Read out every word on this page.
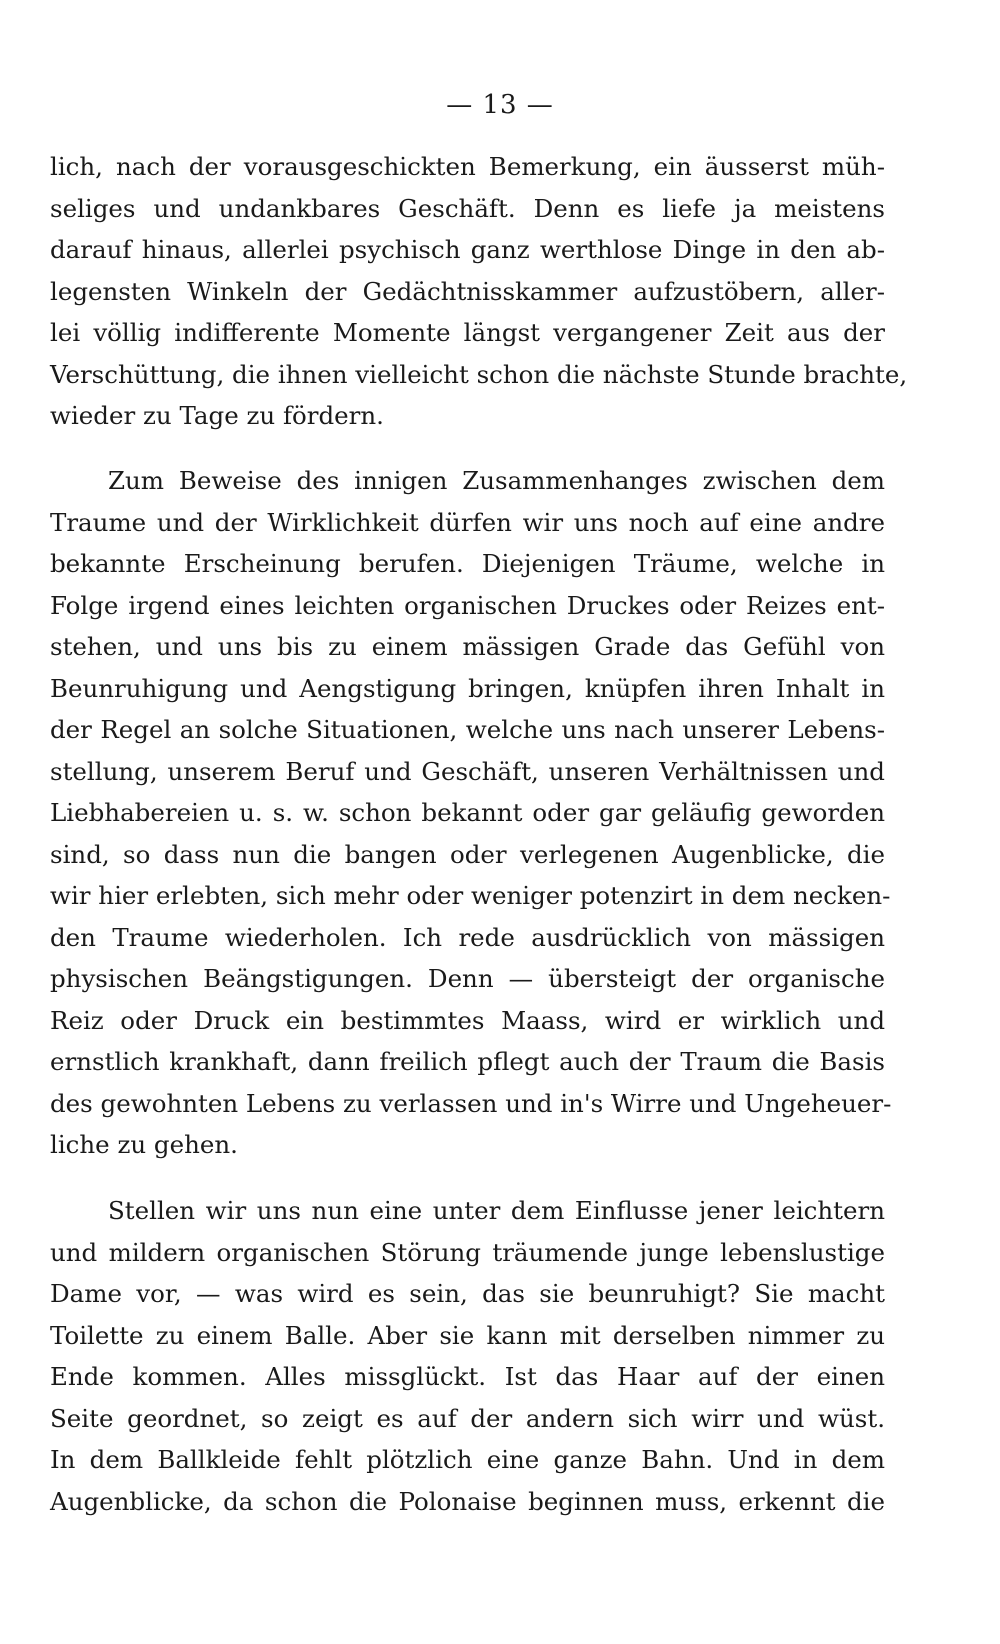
— 13 —
lich, nach der vorausgeschickten Bemerkung, ein äusserst müh-
seliges und undankbares Geschäft. Denn es liefe ja meistens
darauf hinaus, allerlei psychisch ganz werthlose Dinge in den ab-
legensten Winkeln der Gedächtnisskammer aufzustöbern, aller-
lei völlig indifferente Momente längst vergangener Zeit aus der
Verschüttung, die ihnen vielleicht schon die nächste Stunde brachte,
wieder zu Tage zu fördern.
Zum Beweise des innigen Zusammenhanges zwischen dem
Traume und der Wirklichkeit dürfen wir uns noch auf eine andre
bekannte Erscheinung berufen. Diejenigen Träume, welche in
Folge irgend eines leichten organischen Druckes oder Reizes ent-
stehen, und uns bis zu einem mässigen Grade das Gefühl von
Beunruhigung und Aengstigung bringen, knüpfen ihren Inhalt in
der Regel an solche Situationen, welche uns nach unserer Lebens-
stellung, unserem Beruf und Geschäft, unseren Verhältnissen und
Liebhabereien u. s. w. schon bekannt oder gar geläufig geworden
sind, so dass nun die bangen oder verlegenen Augenblicke, die
wir hier erlebten, sich mehr oder weniger potenzirt in dem necken-
den Traume wiederholen. Ich rede ausdrücklich von mässigen
physischen Beängstigungen. Denn — übersteigt der organische
Reiz oder Druck ein bestimmtes Maass, wird er wirklich und
ernstlich krankhaft, dann freilich pflegt auch der Traum die Basis
des gewohnten Lebens zu verlassen und in's Wirre und Ungeheuer-
liche zu gehen.
Stellen wir uns nun eine unter dem Einflusse jener leichtern
und mildern organischen Störung träumende junge lebenslustige
Dame vor, — was wird es sein, das sie beunruhigt? Sie macht
Toilette zu einem Balle. Aber sie kann mit derselben nimmer zu
Ende kommen. Alles missglückt. Ist das Haar auf der einen
Seite geordnet, so zeigt es auf der andern sich wirr und wüst.
In dem Ballkleide fehlt plötzlich eine ganze Bahn. Und in dem
Augenblicke, da schon die Polonaise beginnen muss, erkennt die
